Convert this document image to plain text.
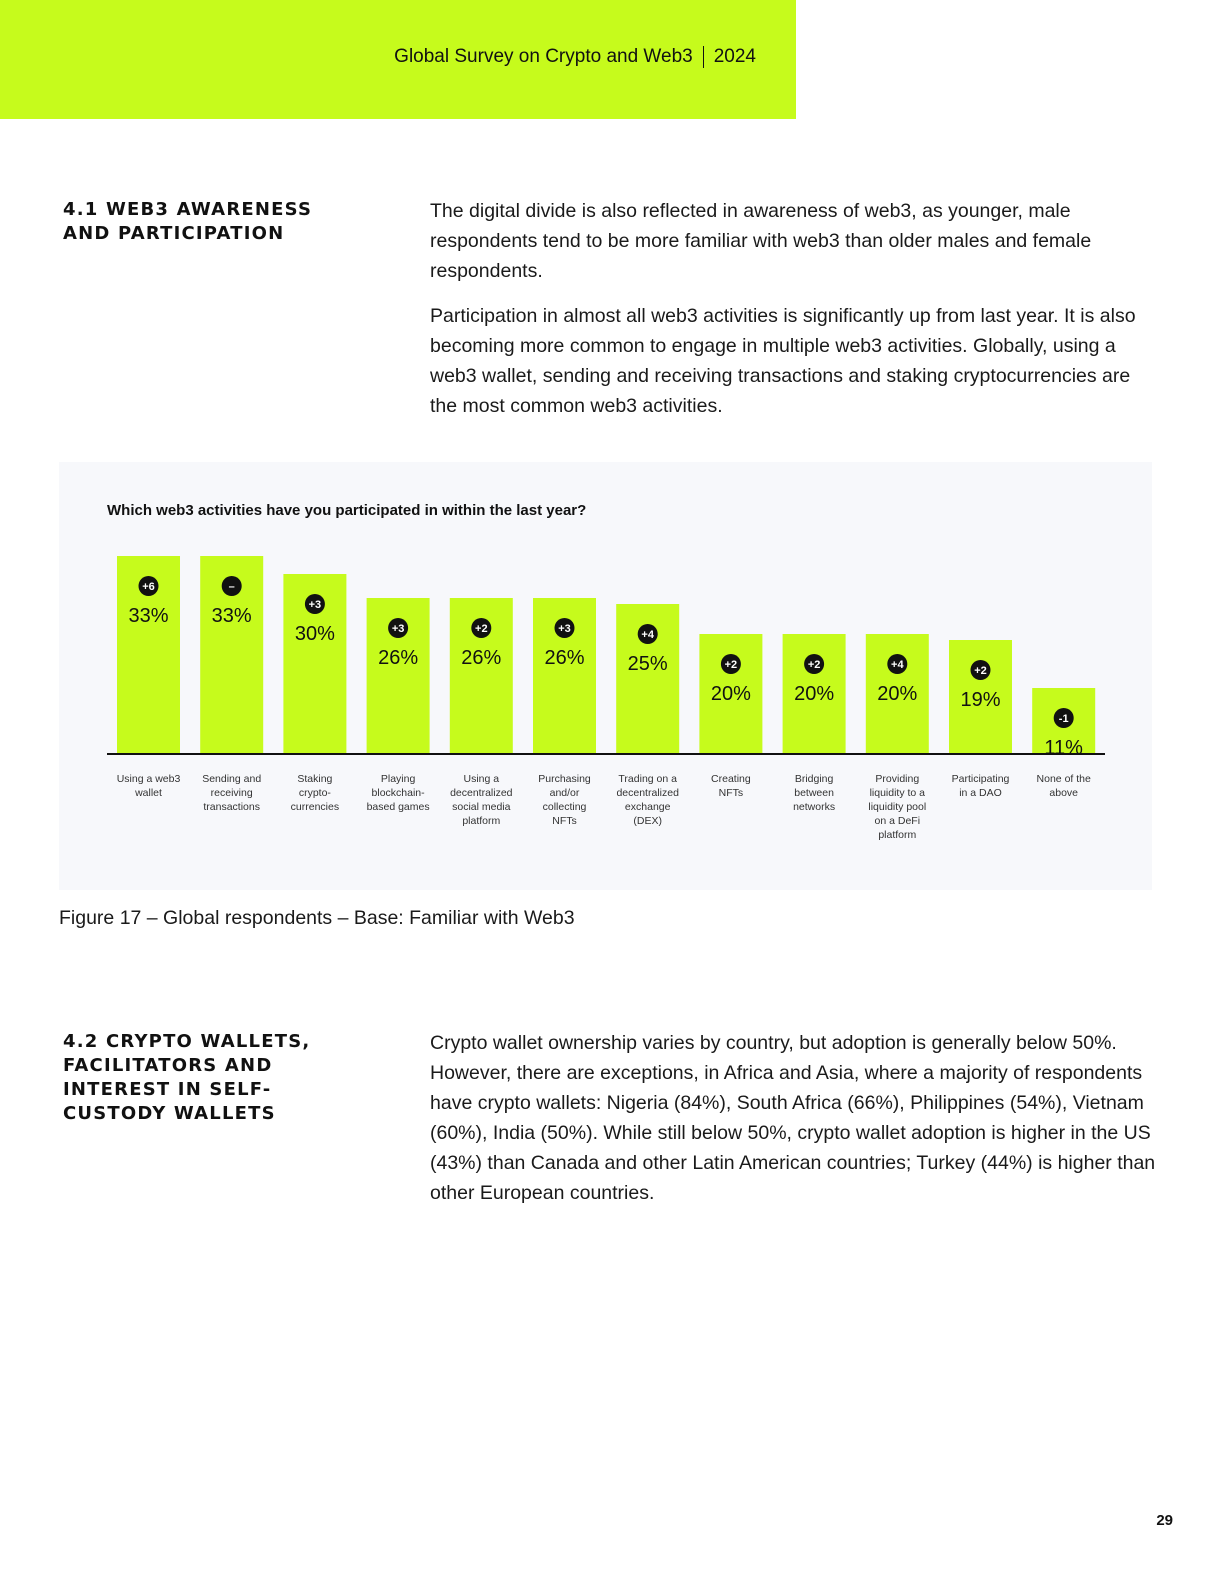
Global Survey on Crypto and Web3 2024
4.1 WEB3 AWARENESS AND PARTICIPATION

The digital divide is also reflected in awareness of web3, as younger, male respondents tend to be more familiar with web3 than older males and female respondents.

Participation in almost all web3 activities is significantly up from last year. It is also becoming more common to engage in multiple web3 activities. Globally, using a web3 wallet, sending and receiving transactions and staking cryptocurrencies are the most common web3 activities.

Which web3 activities have you participated in within the last year?

+6
33%
Using a web3 wallet
–
33%
Sending and receiving transactions
+3
30%
Staking crypto-currencies
+3
26%
Playing blockchain-based games
+2
26%
Using a decentralized social media platform
+3
26%
Purchasing and/or collecting NFTs
+4
25%
Trading on a decentralized exchange (DEX)
+2
20%
Creating NFTs
+2
20%
Bridging between networks
+4
20%
Providing liquidity to a liquidity pool on a DeFi platform
+2
19%
Participating in a DAO
-1
11%
None of the above
Figure 17 – Global respondents – Base: Familiar with Web3
4.2 CRYPTO WALLETS, FACILITATORS AND INTEREST IN SELF-CUSTODY WALLETS

Crypto wallet ownership varies by country, but adoption is generally below 50%. However, there are exceptions, in Africa and Asia, where a majority of respondents have crypto wallets: Nigeria (84%), South Africa (66%), Philippines (54%), Vietnam (60%), India (50%). While still below 50%, crypto wallet adoption is higher in the US (43%) than Canada and other Latin American countries; Turkey (44%) is higher than other European countries.

29
